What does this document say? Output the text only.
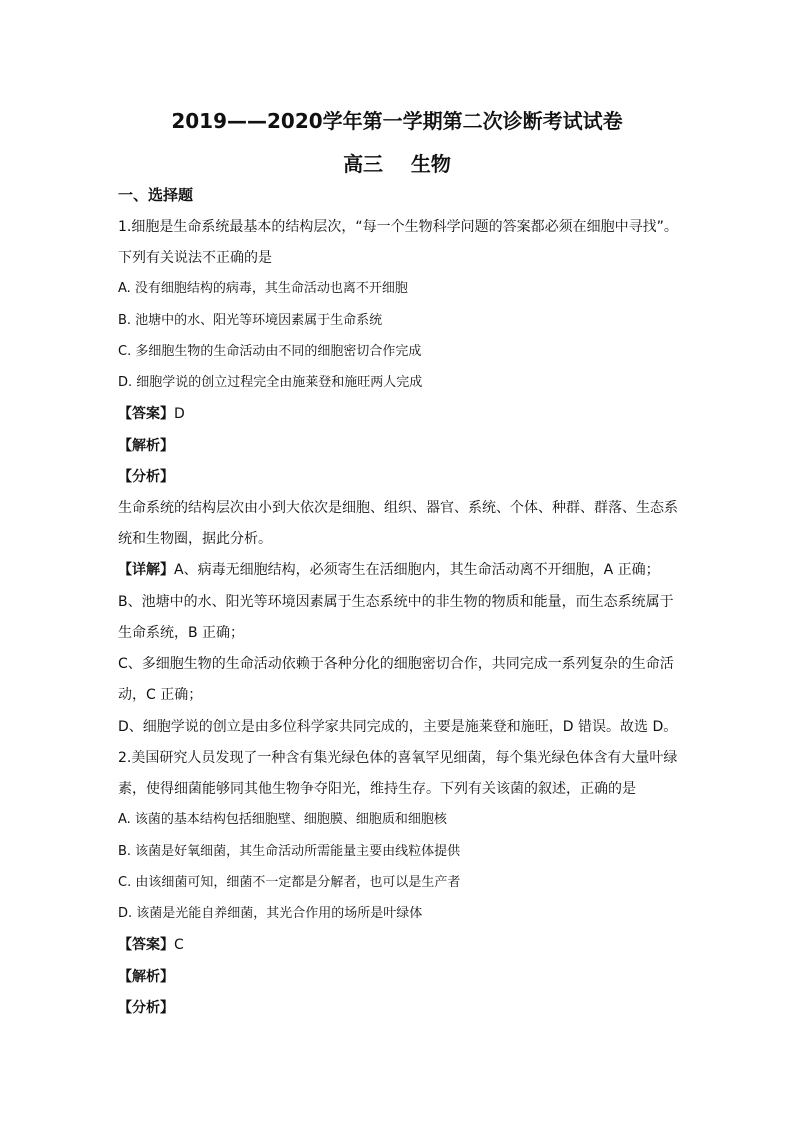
2019——2020学年第一学期第二次诊断考试试卷
高三    生物
一、选择题
1.细胞是生命系统最基本的结构层次，“每一个生物科学问题的答案都必须在细胞中寻找”。
下列有关说法不正确的是
A. 没有细胞结构的病毒，其生命活动也离不开细胞
B. 池塘中的水、阳光等环境因素属于生命系统
C. 多细胞生物的生命活动由不同的细胞密切合作完成
D. 细胞学说的创立过程完全由施莱登和施旺两人完成
【答案】D
【解析】
【分析】
生命系统的结构层次由小到大依次是细胞、组织、器官、系统、个体、种群、群落、生态系
统和生物圈，据此分析。
【详解】A、病毒无细胞结构，必须寄生在活细胞内，其生命活动离不开细胞，A 正确；
B、池塘中的水、阳光等环境因素属于生态系统中的非生物的物质和能量，而生态系统属于
生命系统，B 正确；
C、多细胞生物的生命活动依赖于各种分化的细胞密切合作，共同完成一系列复杂的生命活
动，C 正确；
D、细胞学说的创立是由多位科学家共同完成的，主要是施莱登和施旺，D 错误。故选 D。
2.美国研究人员发现了一种含有集光绿色体的喜氧罕见细菌，每个集光绿色体含有大量叶绿
素，使得细菌能够同其他生物争夺阳光，维持生存。下列有关该菌的叙述，正确的是
A. 该菌的基本结构包括细胞壁、细胞膜、细胞质和细胞核
B. 该菌是好氧细菌，其生命活动所需能量主要由线粒体提供
C. 由该细菌可知，细菌不一定都是分解者，也可以是生产者
D. 该菌是光能自养细菌，其光合作用的场所是叶绿体
【答案】C
【解析】
【分析】
